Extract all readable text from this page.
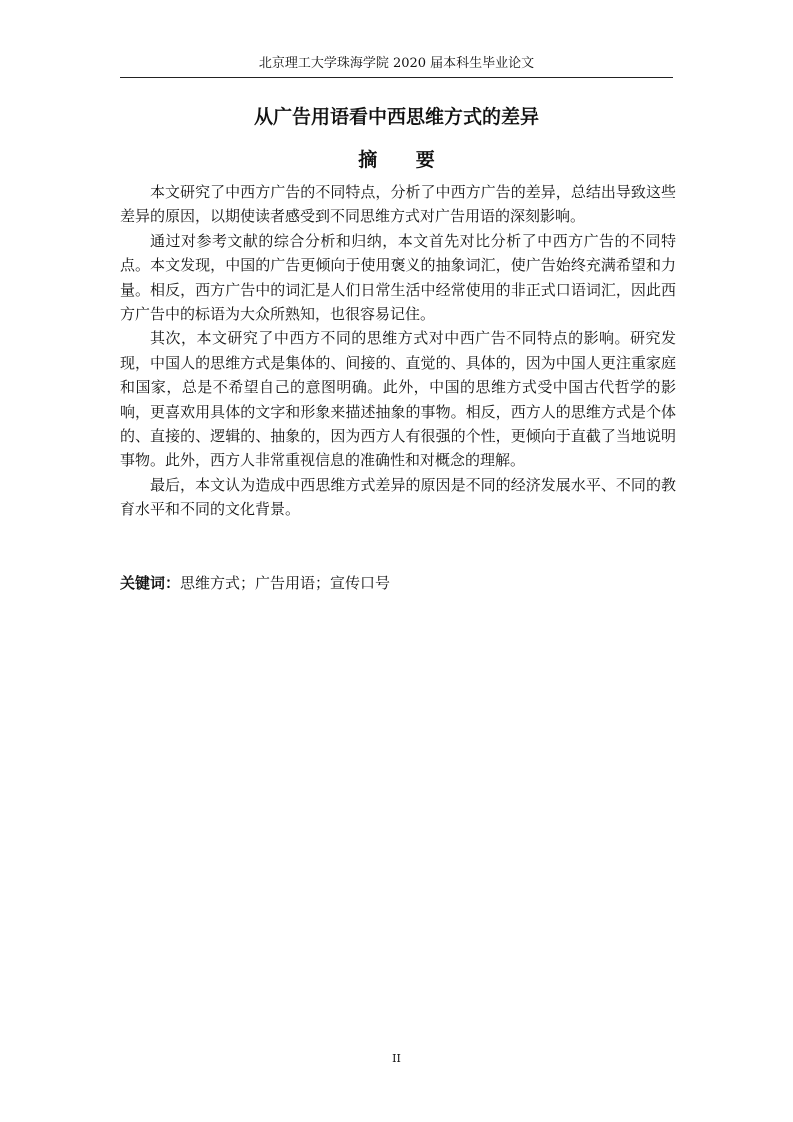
北京理工大学珠海学院 2020 届本科生毕业论文
从广告用语看中西思维方式的差异
摘 要

本文研究了中西方广告的不同特点，分析了中西方广告的差异，总结出导致这些差异的原因，以期使读者感受到不同思维方式对广告用语的深刻影响。

通过对参考文献的综合分析和归纳，本文首先对比分析了中西方广告的不同特点。本文发现，中国的广告更倾向于使用褒义的抽象词汇，使广告始终充满希望和力量。相反，西方广告中的词汇是人们日常生活中经常使用的非正式口语词汇，因此西方广告中的标语为大众所熟知，也很容易记住。

其次，本文研究了中西方不同的思维方式对中西广告不同特点的影响。研究发现，中国人的思维方式是集体的、间接的、直觉的、具体的，因为中国人更注重家庭和国家，总是不希望自己的意图明确。此外，中国的思维方式受中国古代哲学的影响，更喜欢用具体的文字和形象来描述抽象的事物。相反，西方人的思维方式是个体的、直接的、逻辑的、抽象的，因为西方人有很强的个性，更倾向于直截了当地说明事物。此外，西方人非常重视信息的准确性和对概念的理解。

最后，本文认为造成中西思维方式差异的原因是不同的经济发展水平、不同的教育水平和不同的文化背景。

关键词：思维方式；广告用语；宣传口号
II
